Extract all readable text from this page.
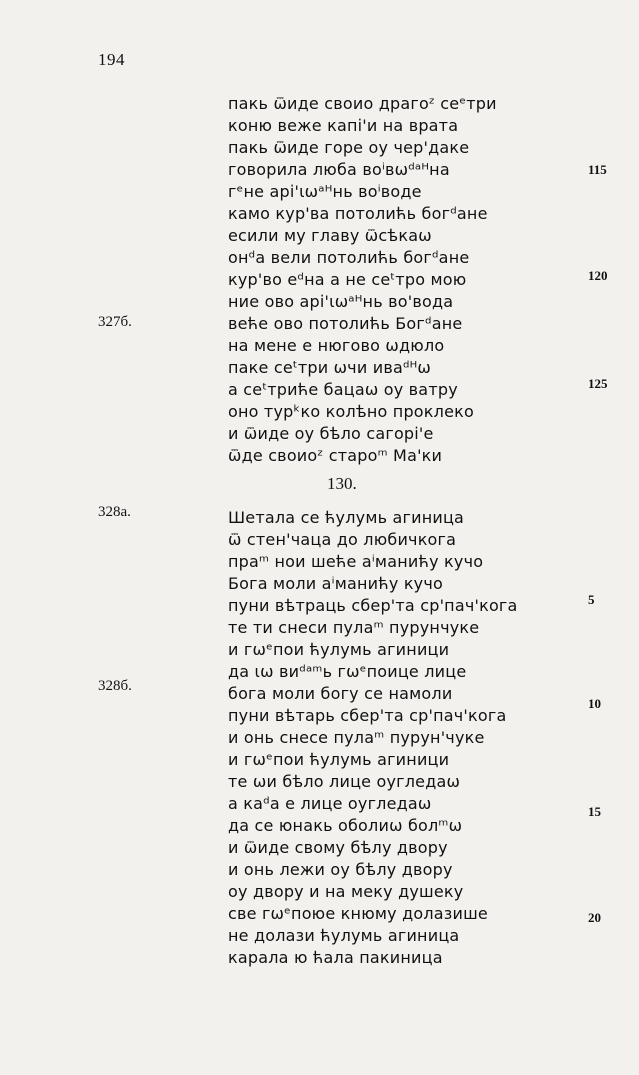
194
пакь ѿиде своио драгоᶻ сеᵉтри
коню веже капі'и на врата
пакь ѿиде горе оу чер'даке
говорила люба воⁱвωᵈᵃᴴна
гᵉне арі'ιωᵃᴴнь воⁱводе
камо кур'ва потолићь богᵈане
есили му главу ѿсѣкаω
онᵈа вели потолићь богᵈане
кур'во еᵈна а не сеᵗтро мою
ние ово арі'ιωᵃᴴнь во'вода
веће ово потолићь Богᵈане
на мене е нюгово ωдюло
паке сеᵗтри ωчи иваᵈᴴω
а сеᵗтриће бацаω оу ватру
оно турᵏко колѣно проклеко
и ѿиде оу бѣло сагорі'е
ѿде своиоᶻ староᵐ Ма'ки
130.
Шетала се ћулумь агиница
ѿ стен'чаца до любичкога
праᵐ нои шеће аⁱманићу кучо
Бога моли аⁱманићу кучо
пуни вѣтраць сбер'та ср'пач'кога
те ти снеси пулаᵐ пурунчуке
и гωᵉпои ћулумь агиници
да ιω виᵈᵃᵐь гωᵉпоице лице
бога моли богу се намоли
пуни вѣтарь сбер'та ср'пач'кога
и онь снесе пулаᵐ пурун'чуке
и гωᵉпои ћулумь агиници
те ωи бѣло лице оугледаω
а каᵈа е лице оугледаω
да се юнакь оболиω болᵐω
и ѿиде свому бѣлу двору
и онь лежи оу бѣлу двору
оу двору и на меку душеку
све гωᵉпоюе кнюму долазише
не долази ћулумь агиница
карала ю ћала пакиница
327б.
328а.
328б.
115
120
125
5
10
15
20
